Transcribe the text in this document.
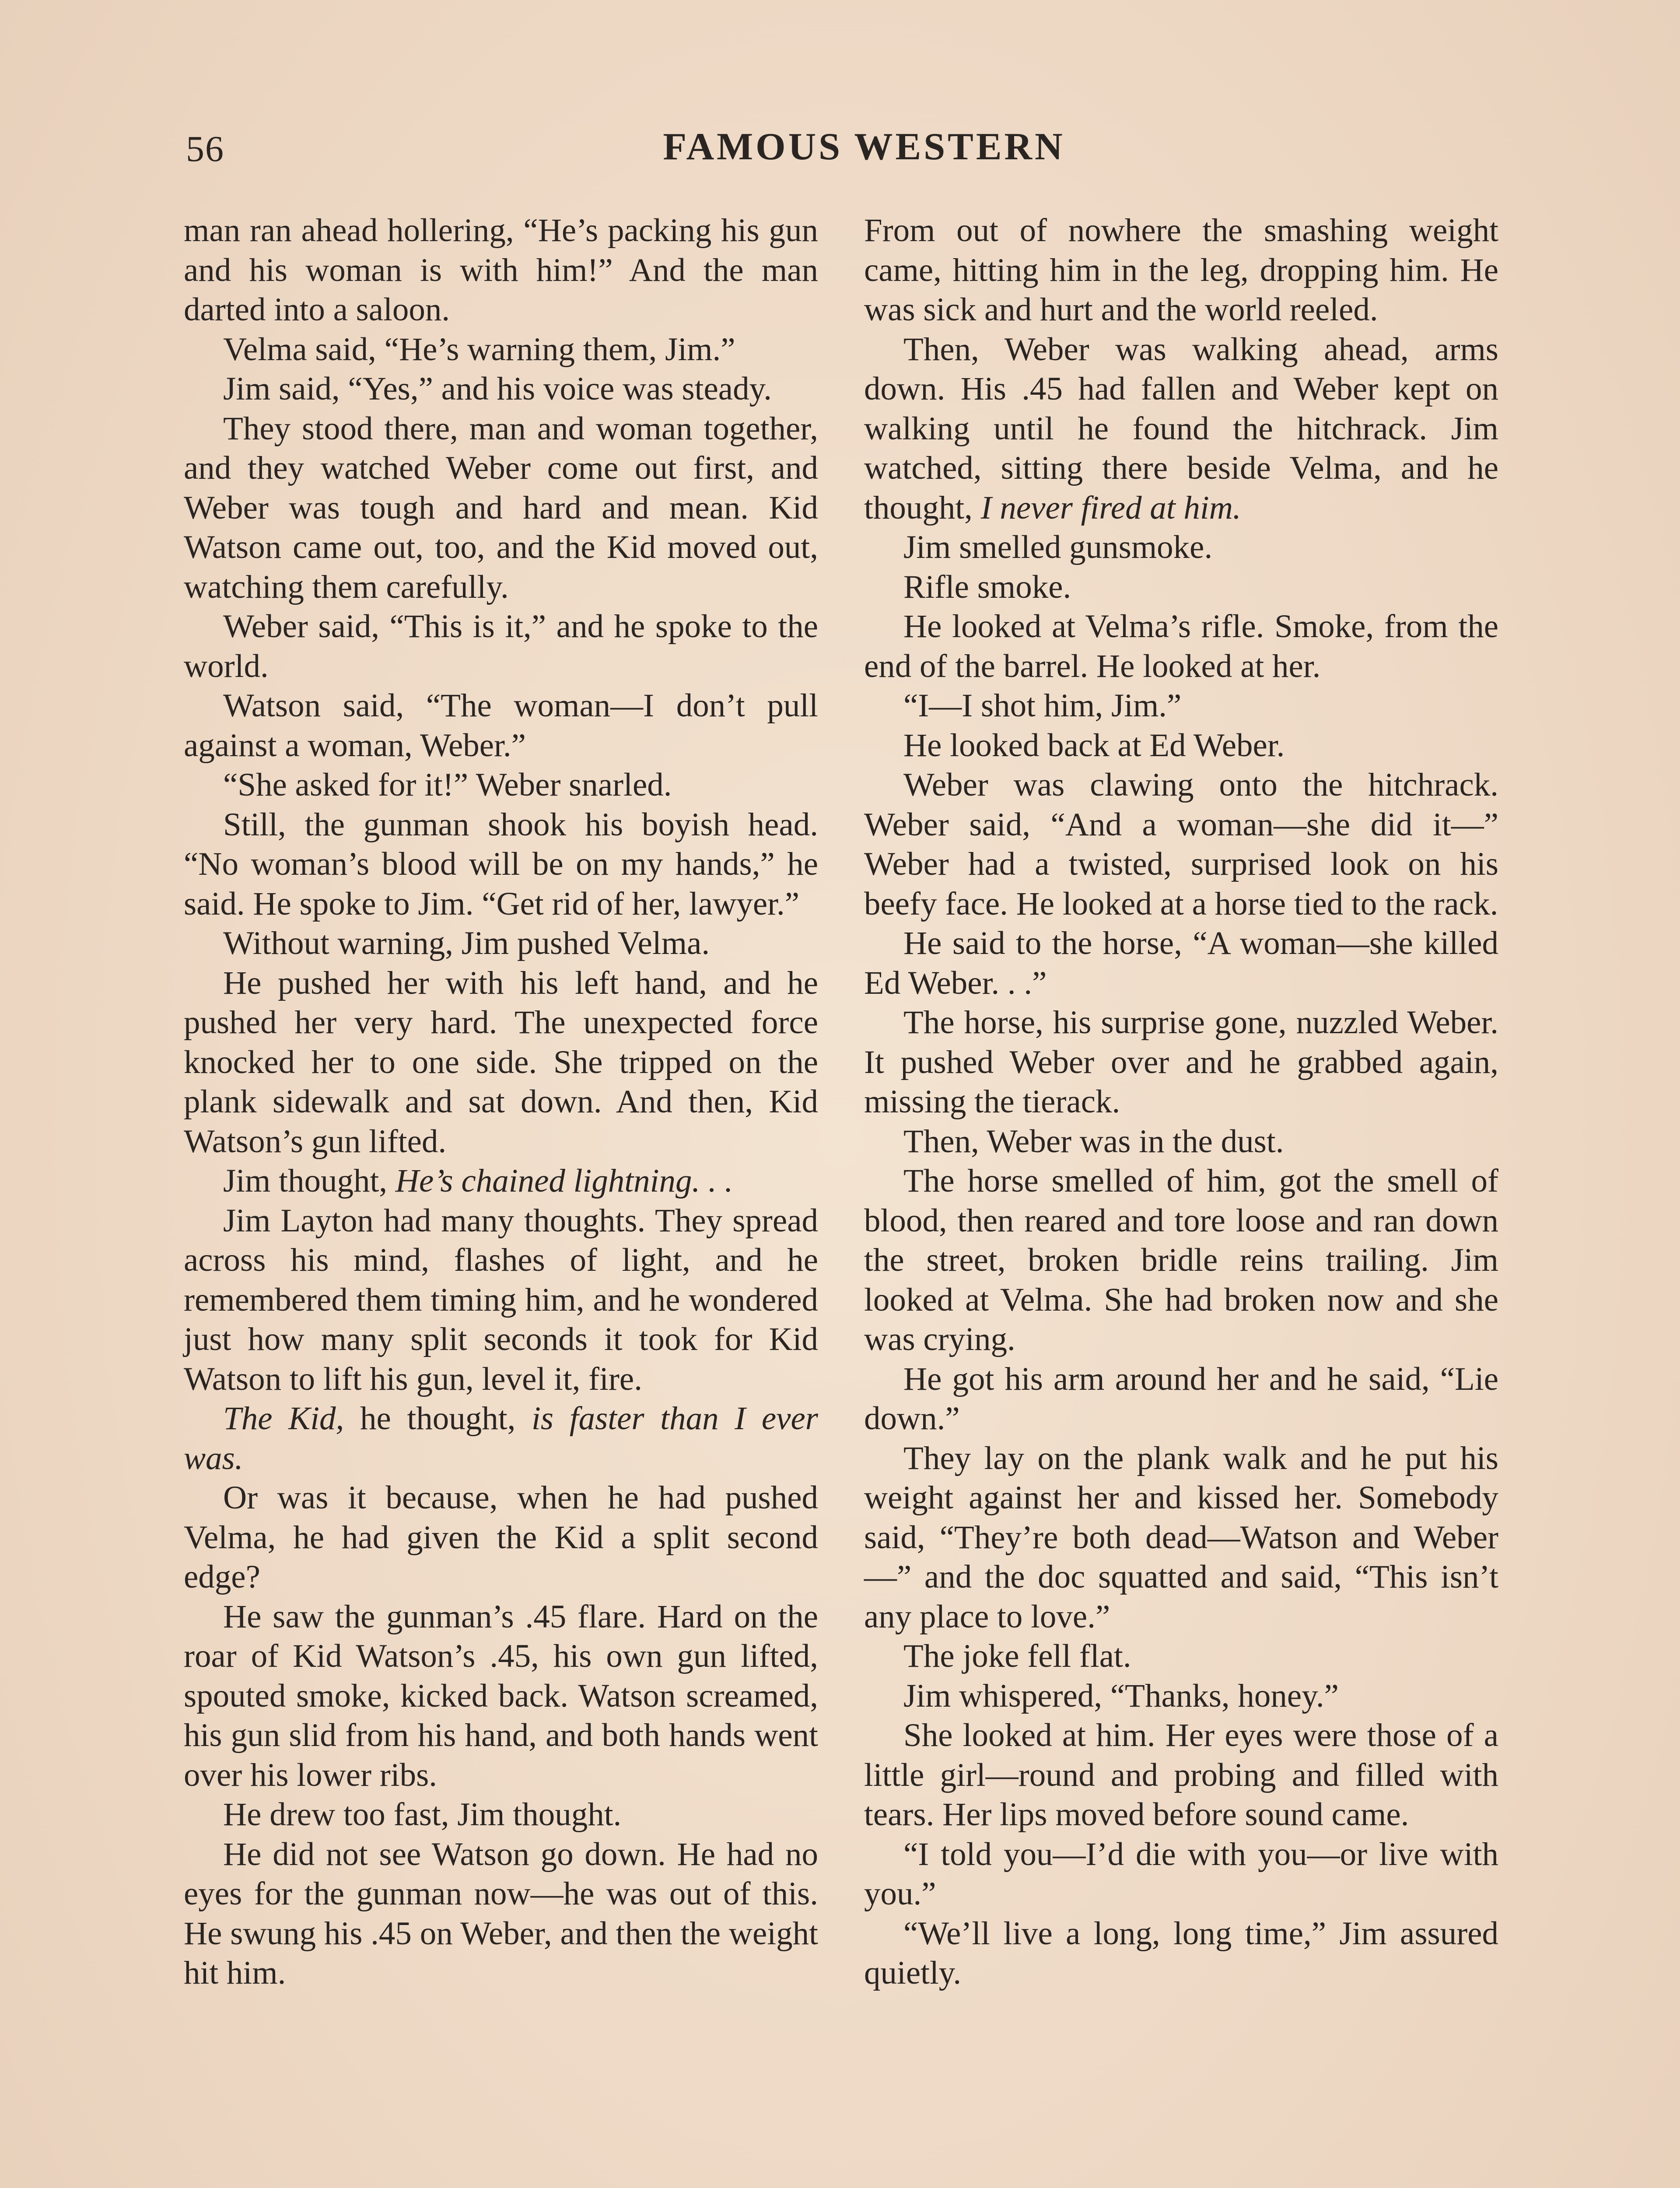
56	FAMOUS WESTERN

man ran ahead hollering, “He’s packing his gun and his woman is with him!” And the man darted into a saloon.

Velma said, “He’s warning them, Jim.”

Jim said, “Yes,” and his voice was steady.

They stood there, man and woman together, and they watched Weber come out first, and Weber was tough and hard and mean. Kid Watson came out, too, and the Kid moved out, watching them carefully.

Weber said, “This is it,” and he spoke to the world.

Watson said, “The woman—I don’t pull against a woman, Weber.”

“She asked for it!” Weber snarled.

Still, the gunman shook his boyish head. “No woman’s blood will be on my hands,” he said. He spoke to Jim. “Get rid of her, lawyer.”

Without warning, Jim pushed Velma.

He pushed her with his left hand, and he pushed her very hard. The unexpected force knocked her to one side. She tripped on the plank sidewalk and sat down. And then, Kid Watson’s gun lifted.

Jim thought, He’s chained lightning. . .

Jim Layton had many thoughts. They spread across his mind, flashes of light, and he remembered them timing him, and he wondered just how many split seconds it took for Kid Watson to lift his gun, level it, fire.

The Kid, he thought, is faster than I ever was.

Or was it because, when he had pushed Velma, he had given the Kid a split second edge?

He saw the gunman’s .45 flare. Hard on the roar of Kid Watson’s .45, his own gun lifted, spouted smoke, kicked back. Watson screamed, his gun slid from his hand, and both hands went over his lower ribs.

He drew too fast, Jim thought.

He did not see Watson go down. He had no eyes for the gunman now—he was out of this. He swung his .45 on Weber, and then the weight hit him.

From out of nowhere the smashing weight came, hitting him in the leg, dropping him. He was sick and hurt and the world reeled.

Then, Weber was walking ahead, arms down. His .45 had fallen and Weber kept on walking until he found the hitchrack. Jim watched, sitting there beside Velma, and he thought, I never fired at him.

Jim smelled gunsmoke.

Rifle smoke.

He looked at Velma’s rifle. Smoke, from the end of the barrel. He looked at her.

“I—I shot him, Jim.”

He looked back at Ed Weber.

Weber was clawing onto the hitchrack. Weber said, “And a woman—she did it—” Weber had a twisted, surprised look on his beefy face. He looked at a horse tied to the rack.

He said to the horse, “A woman—she killed Ed Weber. . .”

The horse, his surprise gone, nuzzled Weber. It pushed Weber over and he grabbed again, missing the tierack.

Then, Weber was in the dust.

The horse smelled of him, got the smell of blood, then reared and tore loose and ran down the street, broken bridle reins trailing. Jim looked at Velma. She had broken now and she was crying.

He got his arm around her and he said, “Lie down.”

They lay on the plank walk and he put his weight against her and kissed her. Somebody said, “They’re both dead—Watson and Weber—” and the doc squatted and said, “This isn’t any place to love.”

The joke fell flat.

Jim whispered, “Thanks, honey.”

She looked at him. Her eyes were those of a little girl—round and probing and filled with tears. Her lips moved before sound came.

“I told you—I’d die with you—or live with you.”

“We’ll live a long, long time,” Jim assured quietly.
